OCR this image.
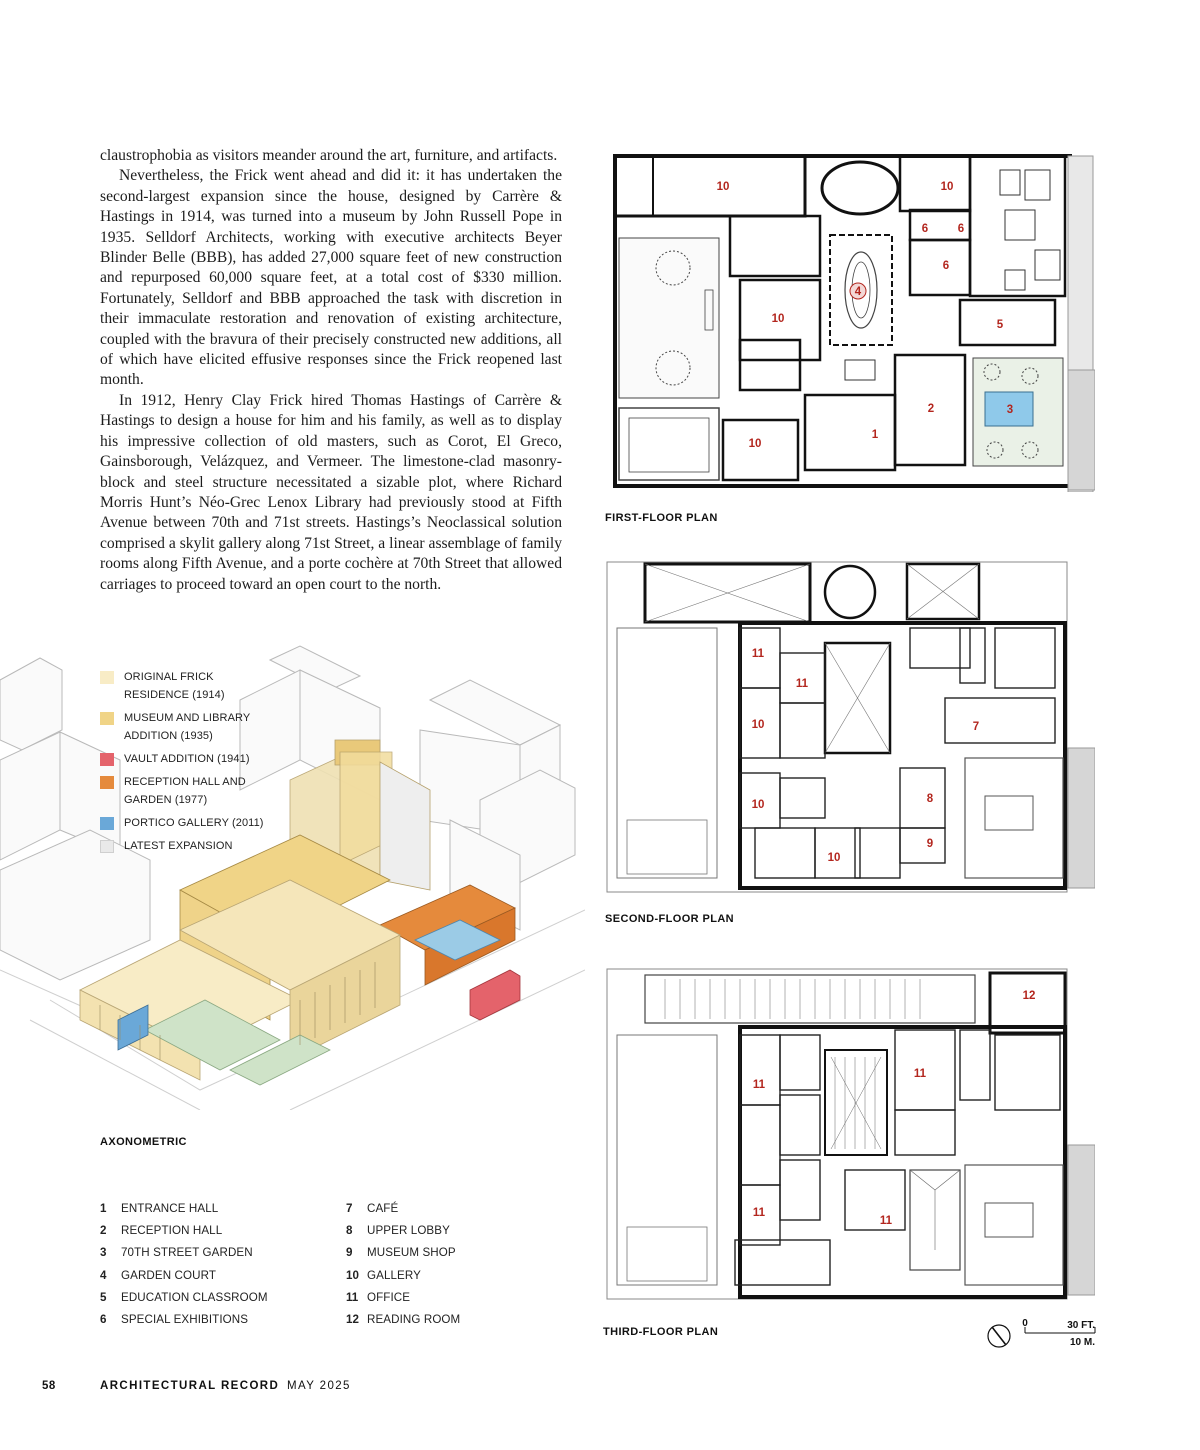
claustrophobia as visitors meander around the art, furniture, and artifacts.

Nevertheless, the Frick went ahead and did it: it has undertaken the second-largest expansion since the house, designed by Carrère & Hastings in 1914, was turned into a museum by John Russell Pope in 1935. Selldorf Architects, working with executive architects Beyer Blinder Belle (BBB), has added 27,000 square feet of new construction and repurposed 60,000 square feet, at a total cost of $330 million. Fortunately, Selldorf and BBB approached the task with discretion in their immaculate restoration and renovation of existing architecture, coupled with the bravura of their precisely constructed new additions, all of which have elicited effusive responses since the Frick reopened last month.

In 1912, Henry Clay Frick hired Thomas Hastings of Carrère & Hastings to design a house for him and his family, as well as to display his impressive collection of old masters, such as Corot, El Greco, Gainsborough, Velázquez, and Vermeer. The limestone-clad masonry-block and steel structure necessitated a sizable plot, where Richard Morris Hunt’s Néo-Grec Lenox Library had previously stood at Fifth Avenue between 70th and 71st streets. Hastings’s Neoclassical solution comprised a skylit gallery along 71st Street, a linear assemblage of family rooms along Fifth Avenue, and a porte cochère at 70th Street that allowed carriages to proceed toward an open court to the north.

ORIGINAL FRICK RESIDENCE (1914)
MUSEUM AND LIBRARY ADDITION (1935)
VAULT ADDITION (1941)
RECEPTION HALL AND GARDEN (1977)
PORTICO GALLERY (2011)
LATEST EXPANSION
AXONOMETRIC
1	ENTRANCE HALL
2	RECEPTION HALL
3	70TH STREET GARDEN
4	GARDEN COURT
5	EDUCATION CLASSROOM
6	SPECIAL EXHIBITIONS
7	CAFÉ
8	UPPER LOBBY
9	MUSEUM SHOP
10 GALLERY
11 OFFICE
12 READING ROOM
10	10
6	6
6
4
10	5
2	3
10
1
FIRST-FLOOR PLAN
11
11
10
10
10
8
9
7
SECOND-FLOOR PLAN
12
11
11
11
11
THIRD-FLOOR PLAN
0	30 FT.
10 M.
58	ARCHITECTURAL RECORD MAY 2025
